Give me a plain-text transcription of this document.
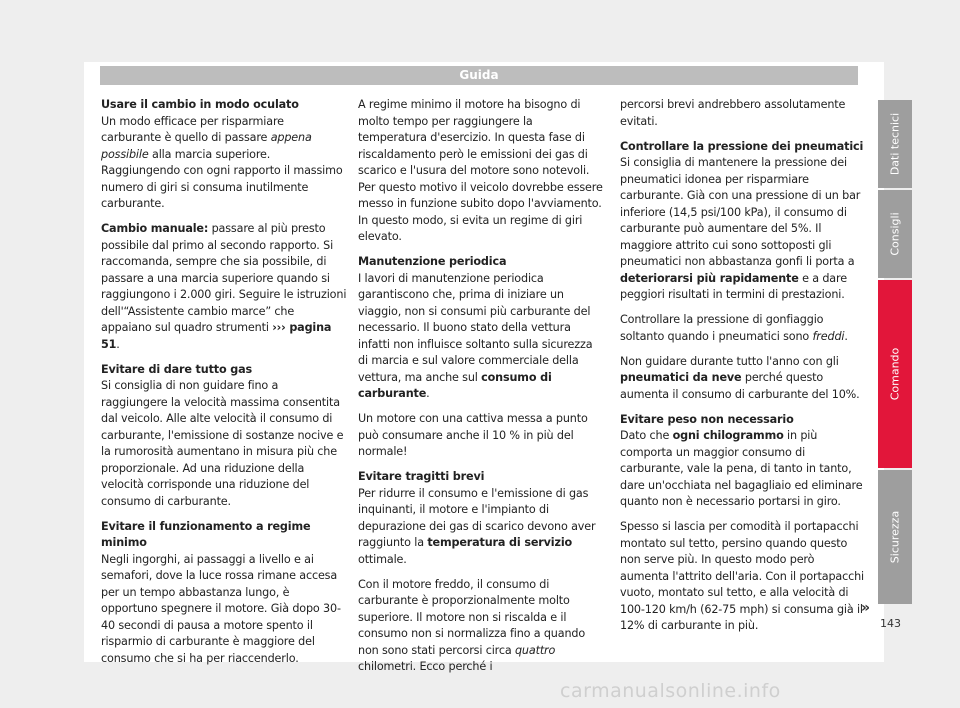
Guida
Usare il cambio in modo oculato

Un modo efficace per risparmiare carburante è quello di passare appena possibile alla marcia superiore. Raggiungendo con ogni rapporto il massimo numero di giri si consuma inutilmente carburante.

Cambio manuale: passare al più presto possibile dal primo al secondo rapporto. Si raccomanda, sempre che sia possibile, di passare a una marcia superiore quando si raggiungono i 2.000 giri. Seguire le istruzioni dell'“Assistente cambio marce” che appaiano sul quadro strumenti ››› pagina 51.

Evitare di dare tutto gas

Si consiglia di non guidare fino a raggiungere la velocità massima consentita dal veicolo. Alle alte velocità il consumo di carburante, l'emissione di sostanze nocive e la rumorosità aumentano in misura più che proporzionale. Ad una riduzione della velocità corrisponde una riduzione del consumo di carburante.

Evitare il funzionamento a regime minimo

Negli ingorghi, ai passaggi a livello e ai semafori, dove la luce rossa rimane accesa per un tempo abbastanza lungo, è opportuno spegnere il motore. Già dopo 30-40 secondi di pausa a motore spento il risparmio di carburante è maggiore del consumo che si ha per riaccenderlo.

A regime minimo il motore ha bisogno di molto tempo per raggiungere la temperatura d'esercizio. In questa fase di riscaldamento però le emissioni dei gas di scarico e l'usura del motore sono notevoli. Per questo motivo il veicolo dovrebbe essere messo in funzione subito dopo l'avviamento. In questo modo, si evita un regime di giri elevato.

Manutenzione periodica

I lavori di manutenzione periodica garantiscono che, prima di iniziare un viaggio, non si consumi più carburante del necessario. Il buono stato della vettura infatti non influisce soltanto sulla sicurezza di marcia e sul valore commerciale della vettura, ma anche sul consumo di carburante.

Un motore con una cattiva messa a punto può consumare anche il 10 % in più del normale!

Evitare tragitti brevi

Per ridurre il consumo e l'emissione di gas inquinanti, il motore e l'impianto di depurazione dei gas di scarico devono aver raggiunto la temperatura di servizio ottimale.

Con il motore freddo, il consumo di carburante è proporzionalmente molto superiore. Il motore non si riscalda e il consumo non si normalizza fino a quando non sono stati percorsi circa quattro chilometri. Ecco perché i

percorsi brevi andrebbero assolutamente evitati.

Controllare la pressione dei pneumatici

Si consiglia di mantenere la pressione dei pneumatici idonea per risparmiare carburante. Già con una pressione di un bar inferiore (14,5 psi/100 kPa), il consumo di carburante può aumentare del 5%. Il maggiore attrito cui sono sottoposti gli pneumatici non abbastanza gonfi li porta a deteriorarsi più rapidamente e a dare peggiori risultati in termini di prestazioni.

Controllare la pressione di gonfiaggio soltanto quando i pneumatici sono freddi.

Non guidare durante tutto l'anno con gli pneumatici da neve perché questo aumenta il consumo di carburante del 10%.

Evitare peso non necessario

Dato che ogni chilogrammo in più comporta un maggior consumo di carburante, vale la pena, di tanto in tanto, dare un'occhiata nel bagagliaio ed eliminare quanto non è necessario portarsi in giro.

Spesso si lascia per comodità il portapacchi montato sul tetto, persino quando questo non serve più. In questo modo però aumenta l'attrito dell'aria. Con il portapacchi vuoto, montato sul tetto, e alla velocità di 100-120 km/h (62-75 mph) si consuma già il 12% di carburante in più.

Dati tecnici
Consigli
Comando
Sicurezza
»
143
carmanualsonline.info
